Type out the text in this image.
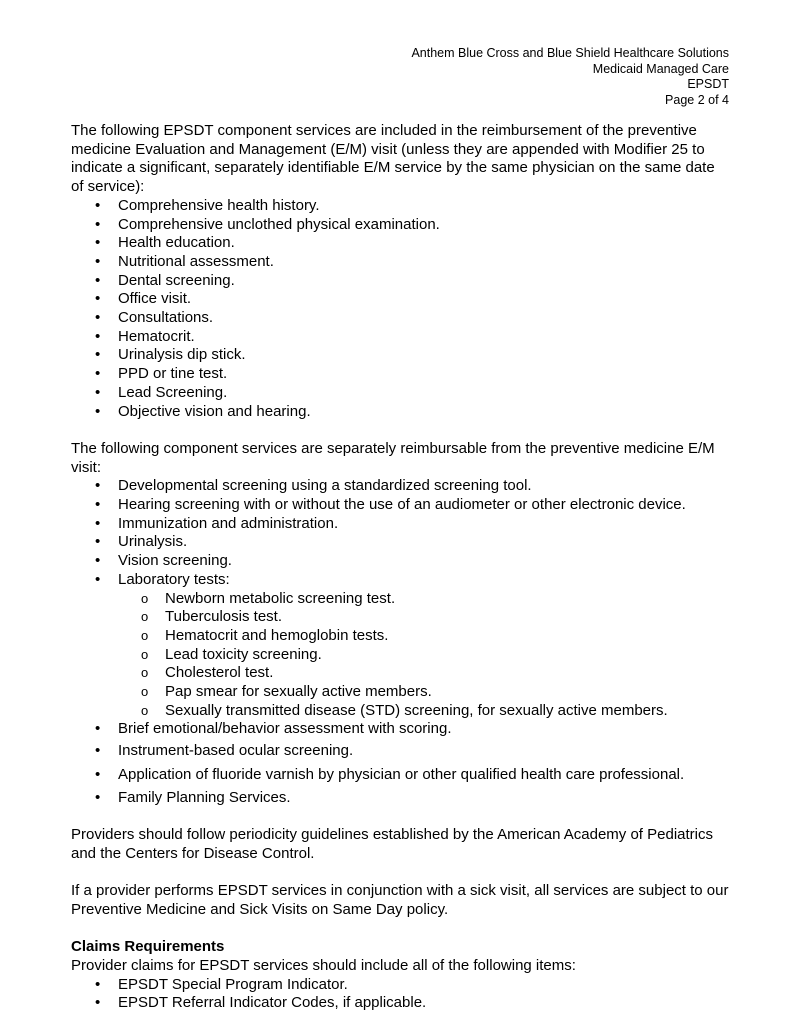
Anthem Blue Cross and Blue Shield Healthcare Solutions
Medicaid Managed Care
EPSDT
Page 2 of 4

The following EPSDT component services are included in the reimbursement of the preventive medicine Evaluation and Management (E/M) visit (unless they are appended with Modifier 25 to indicate a significant, separately identifiable E/M service by the same physician on the same date of service):

• Comprehensive health history.
• Comprehensive unclothed physical examination.
• Health education.
• Nutritional assessment.
• Dental screening.
• Office visit.
• Consultations.
• Hematocrit.
• Urinalysis dip stick.
• PPD or tine test.
• Lead Screening.
• Objective vision and hearing.

The following component services are separately reimbursable from the preventive medicine E/M visit:

• Developmental screening using a standardized screening tool.
• Hearing screening with or without the use of an audiometer or other electronic device.
• Immunization and administration.
• Urinalysis.
• Vision screening.
• Laboratory tests:
o Newborn metabolic screening test.
o Tuberculosis test.
o Hematocrit and hemoglobin tests.
o Lead toxicity screening.
o Cholesterol test.
o Pap smear for sexually active members.
o Sexually transmitted disease (STD) screening, for sexually active members.
• Brief emotional/behavior assessment with scoring.
• Instrument-based ocular screening.
• Application of fluoride varnish by physician or other qualified health care professional.
• Family Planning Services.

Providers should follow periodicity guidelines established by the American Academy of Pediatrics and the Centers for Disease Control.

If a provider performs EPSDT services in conjunction with a sick visit, all services are subject to our Preventive Medicine and Sick Visits on Same Day policy.

Claims Requirements

Provider claims for EPSDT services should include all of the following items:

• EPSDT Special Program Indicator.
• EPSDT Referral Indicator Codes, if applicable.
